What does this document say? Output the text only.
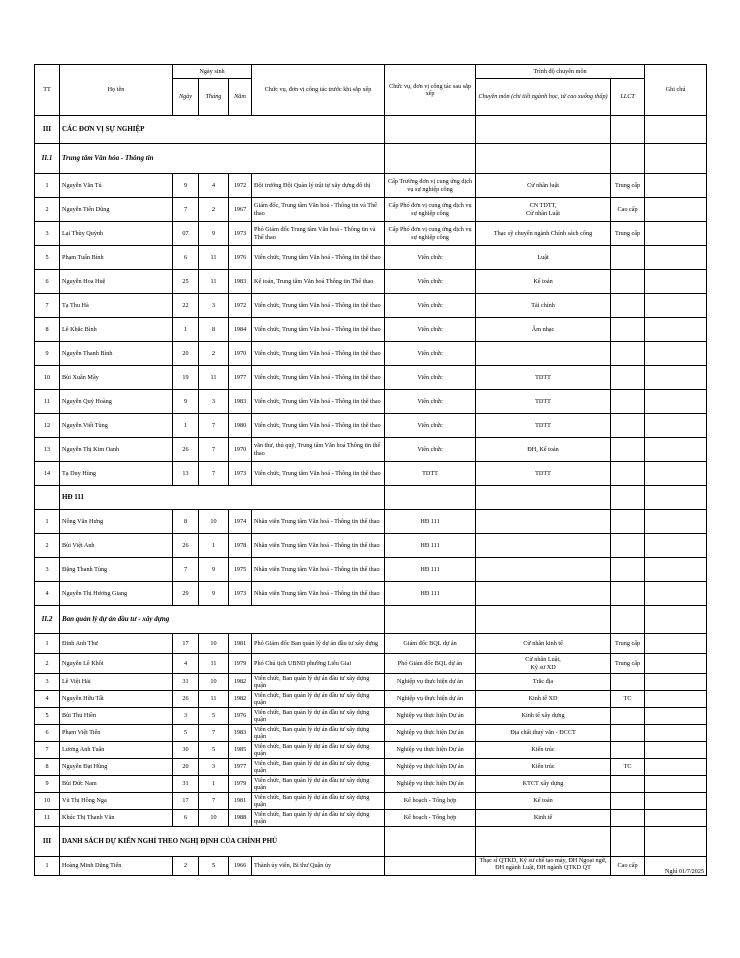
TT	Họ tên	Ngày sinh			Chức vụ, đơn vị công tác trước khi sắp xếp	Chức vụ, đơn vị công tác sau sắp xếp	Trình độ chuyên môn		Ghi chú
		Ngày	Tháng	Năm			Chuyên môn (chi tiết ngành học, từ cao xuống thấp)	LLCT	
III	CÁC ĐƠN VỊ SỰ NGHIỆP								
II.1	Trung tâm Văn hóa - Thông tin								
1	Nguyễn Văn Tú	9	4	1972	Đội trưởng Đội Quản lý trật tự xây dựng đô thị	Cấp Trưởng đơn vị cung ứng dịch vụ sự nghiệp công	Cử nhân luật	Trung cấp	
2	Nguyễn Tiến Dũng	7	2	1967	Giám đốc, Trung tâm Văn hoá - Thông tin và Thể thao	Cấp Phó đơn vị cung ứng dịch vụ sự nghiệp công	CN TDTT,
Cử nhân Luật	Cao cấp	
3	Lại Thùy Quỳnh	07	9	1973	Phó Giám đốc Trung tâm Văn hoá - Thông tin và Thể thao	Cấp Phó đơn vị cung ứng dịch vụ sự nghiệp công	Thạc sỹ chuyên ngành Chính sách công	Trung cấp	
5	Phạm Tuấn Bình	6	11	1976	Viên chức, Trung tâm Văn hoá - Thông tin thể thao	Viên chức	Luật		
6	Nguyễn Hoa Huệ	25	11	1983	Kế toán, Trung tâm Văn hoá Thông tin Thể thao	Viên chức	Kế toán		
7	Tạ Thu Hà	22	3	1972	Viên chức, Trung tâm Văn hoá - Thông tin thể thao	Viên chức	Tài chính		
8	Lê Khắc Bình	1	8	1984	Viên chức, Trung tâm Văn hoá - Thông tin thể thao	Viên chức	Âm nhạc		
9	Nguyễn Thanh Bình	20	2	1970	Viên chức, Trung tâm Văn hoá - Thông tin thể thao	Viên chức			
10	Bùi Xuân Mây	19	11	1977	Viên chức, Trung tâm Văn hoá - Thông tin thể thao	Viên chức	TDTT		
11	Nguyễn Quý Hoàng	9	3	1983	Viên chức, Trung tâm Văn hoá - Thông tin thể thao	Viên chức	TDTT		
12	Nguyễn Viết Tùng	1	7	1980	Viên chức, Trung tâm Văn hoá - Thông tin thể thao	Viên chức	TDTT		
13	Nguyễn Thị Kim Oanh	26	7	1970	văn thư, thủ quỹ, Trung tâm Văn hoá Thông tin thể thao	Viên chức	ĐH, Kế toán		
14	Tạ Duy Hùng	13	7	1973	Viên chức, Trung tâm Văn hoá - Thông tin thể thao	TDTT	TDTT		
	HĐ 111								
1	Nông Văn Hưng	8	10	1974	Nhân viên Trung tâm Văn hoá - Thông tin thể thao	HĐ 111			
2	Bùi Việt Anh	26	1	1978	Nhân viên Trung tâm Văn hoá - Thông tin thể thao	HĐ 111			
3	Đặng Thanh Tùng	7	9	1975	Nhân viên Trung tâm Văn hoá - Thông tin thể thao	HĐ 111			
4	Nguyễn Thị Hương Giang	29	9	1973	Nhân viên Trung tâm Văn hoá - Thông tin thể thao	HĐ 111			
II.2	Ban quản lý dự án đầu tư - xây dựng								
1	Đinh Anh Thư	17	10	1981	Phó Giám đốc Ban quản lý dự án đầu tư xây dựng	Giám đốc BQL dự án	Cử nhân kinh tế	Trung cấp	
2	Nguyễn Lê Khôi	4	11	1979	Phó Chủ tịch UBND phường Liễu Giai	Phó Giám đốc BQL dự án	Cử nhân Luật,
Kỹ sư XD	Trung cấp	
3	Lê Việt Hải	31	10	1982	Viên chức, Ban quản lý dự án đầu tư xây dựng quận	Nghiệp vụ thực hiện dự án	Trắc địa		
4	Nguyễn Hữu Tất	26	11	1982	Viên chức, Ban quản lý dự án đầu tư xây dựng quận	Nghiệp vụ thực hiện dự án	Kinh tế XD	TC	
5	Bùi Thu Hiền	3	5	1976	Viên chức, Ban quản lý dự án đầu tư xây dựng quận	Nghiệp vụ thực hiện Dự án	Kinh tế xây dựng		
6	Phạm Việt Tiến	5	7	1983	Viên chức, Ban quản lý dự án đầu tư xây dựng quận	Nghiệp vụ thực hiện Dự án	Địa chất thuỷ văn - ĐCCT		
7	Lương Anh Tuấn	30	5	1985	Viên chức, Ban quản lý dự án đầu tư xây dựng quận	Nghiệp vụ thực hiện Dự án	Kiến trúc		
8	Nguyễn Đạt Hùng	20	3	1977	Viên chức, Ban quản lý dự án đầu tư xây dựng quận	Nghiệp vụ thực hiện Dự án	Kiến trúc	TC	
9	Bùi Đức Nam	31	1	1979	Viên chức, Ban quản lý dự án đầu tư xây dựng quận	Nghiệp vụ thực hiện Dự án	KTCT xây dựng		
10	Vũ Thị Hồng Nga	17	7	1981	Viên chức, Ban quản lý dự án đầu tư xây dựng quận	Kế hoạch - Tổng hợp	Kế toán		
11	Khúc Thị Thanh Vân	6	10	1988	Viên chức, Ban quản lý dự án đầu tư xây dựng quận	Kế hoạch - Tổng hợp	Kinh tế		
III	DANH SÁCH DỰ KIẾN NGHỈ THEO NGHỊ ĐỊNH CỦA CHÍNH PHỦ								
1	Hoàng Minh Dũng Tiến	2	5	1966	Thành ủy viên, Bí thư Quận ủy		Thạc sĩ QTKD, Kỹ sư chế tạo máy, ĐH Ngoại ngữ, ĐH ngành Luật, ĐH ngành QTKD QT	Cao cấp	Nghỉ 01/7/2025
